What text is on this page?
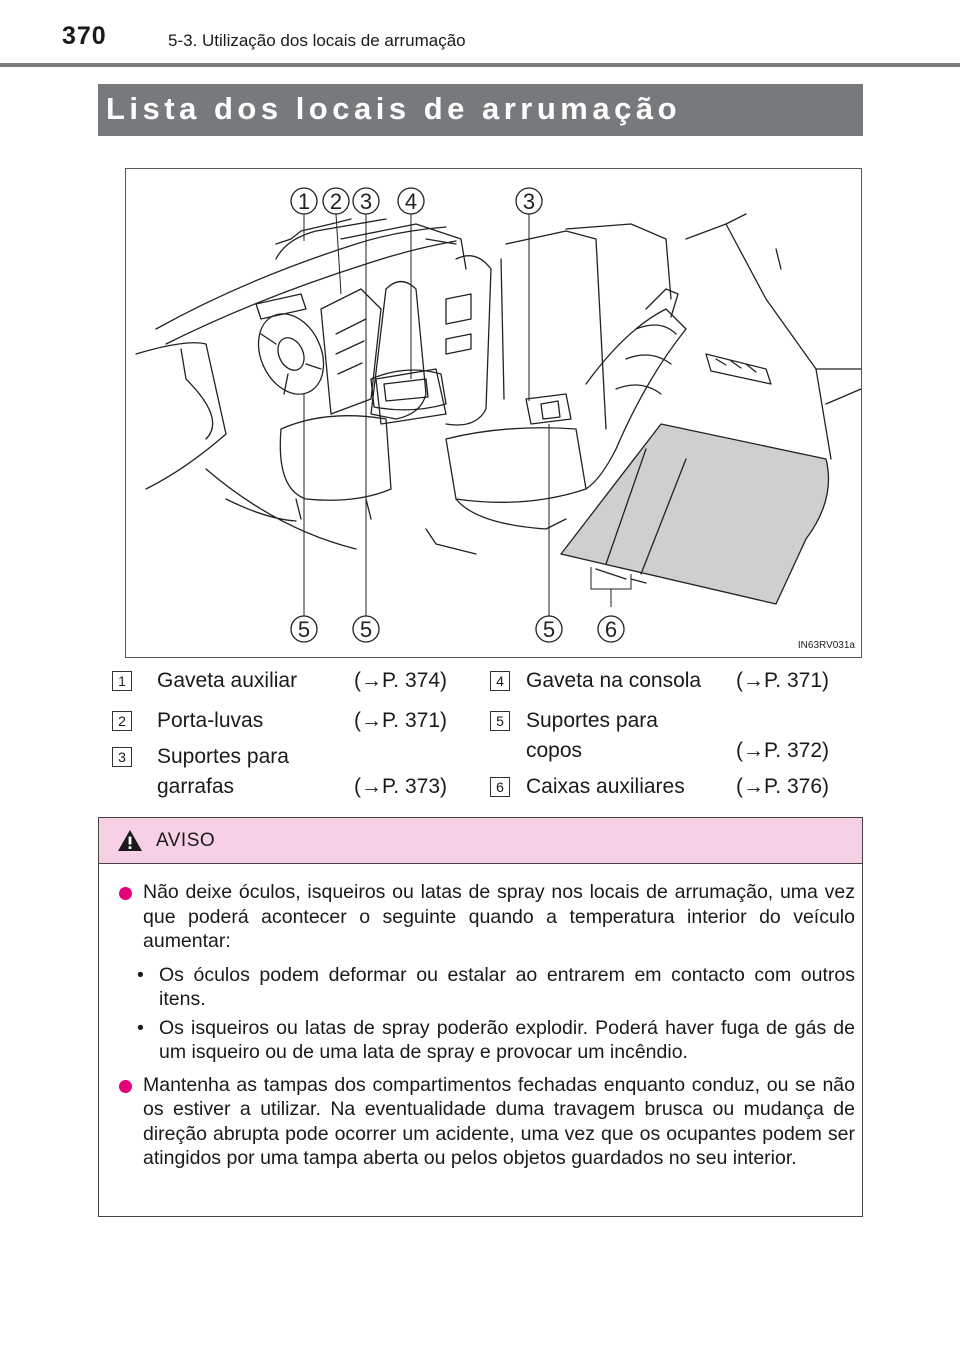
370	5-3. Utilização dos locais de arrumação
Lista dos locais de arrumação
1 2 3 4	3
5 5	5 6
IN63RV031a
1 Gaveta auxiliar	(→P. 374)
2 Porta-luvas	(→P. 371)
3 Suportes para
garrafas	(→P. 373)
4 Gaveta na consola (→P. 371)
5 Suportes para
copos	(→P. 372)
6 Caixas auxiliares (→P. 376)
AVISO
Não deixe óculos, isqueiros ou latas de spray nos locais de arrumação, uma vez que poderá acontecer o seguinte quando a temperatura interior do veículo aumentar:
• Os óculos podem deformar ou estalar ao entrarem em contacto com outros itens.
• Os isqueiros ou latas de spray poderão explodir. Poderá haver fuga de gás de um isqueiro ou de uma lata de spray e provocar um incêndio.
Mantenha as tampas dos compartimentos fechadas enquanto conduz, ou se não os estiver a utilizar. Na eventualidade duma travagem brusca ou mudança de direção abrupta pode ocorrer um acidente, uma vez que os ocupantes podem ser atingidos por uma tampa aberta ou pelos objetos guardados no seu interior.
